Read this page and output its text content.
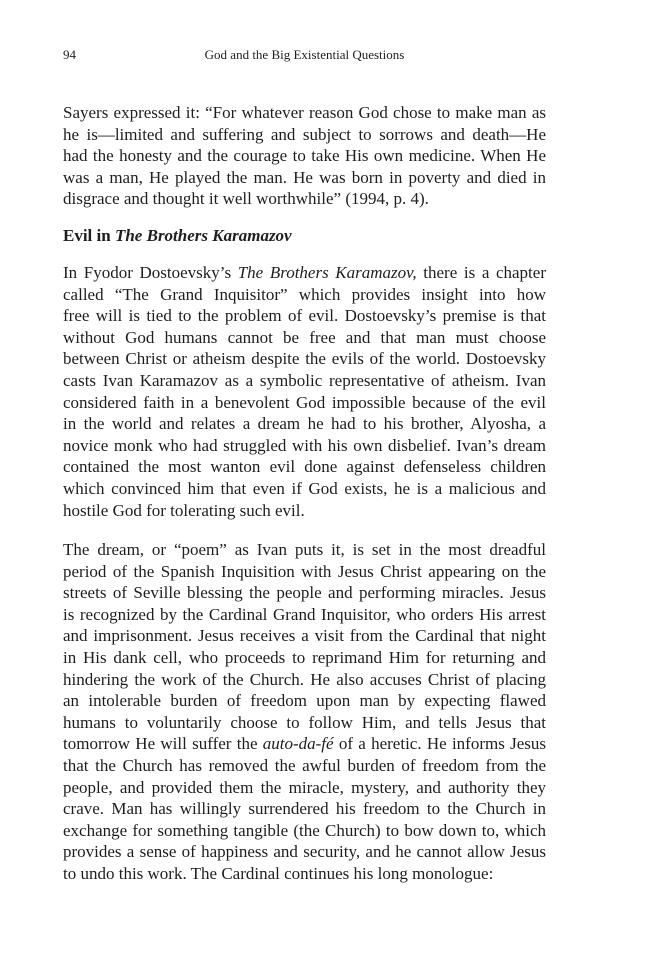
94	God and the Big Existential Questions
Sayers expressed it: “For whatever reason God chose to make man as
he is—limited and suffering and subject to sorrows and death—He
had the honesty and the courage to take His own medicine. When He
was a man, He played the man. He was born in poverty and died in
disgrace and thought it well worthwhile” (1994, p. 4).
Evil in The Brothers Karamazov
In Fyodor Dostoevsky’s The Brothers Karamazov, there is a chapter
called “The Grand Inquisitor” which provides insight into how
free will is tied to the problem of evil. Dostoevsky’s premise is that
without God humans cannot be free and that man must choose
between Christ or atheism despite the evils of the world. Dostoevsky
casts Ivan Karamazov as a symbolic representative of atheism. Ivan
considered faith in a benevolent God impossible because of the evil
in the world and relates a dream he had to his brother, Alyosha, a
novice monk who had struggled with his own disbelief. Ivan’s dream
contained the most wanton evil done against defenseless children
which convinced him that even if God exists, he is a malicious and
hostile God for tolerating such evil.
The dream, or “poem” as Ivan puts it, is set in the most dreadful
period of the Spanish Inquisition with Jesus Christ appearing on the
streets of Seville blessing the people and performing miracles. Jesus
is recognized by the Cardinal Grand Inquisitor, who orders His arrest
and imprisonment. Jesus receives a visit from the Cardinal that night
in His dank cell, who proceeds to reprimand Him for returning and
hindering the work of the Church. He also accuses Christ of placing
an intolerable burden of freedom upon man by expecting flawed
humans to voluntarily choose to follow Him, and tells Jesus that
tomorrow He will suffer the auto-da-fé of a heretic. He informs Jesus
that the Church has removed the awful burden of freedom from the
people, and provided them the miracle, mystery, and authority they
crave. Man has willingly surrendered his freedom to the Church in
exchange for something tangible (the Church) to bow down to, which
provides a sense of happiness and security, and he cannot allow Jesus
to undo this work. The Cardinal continues his long monologue:
